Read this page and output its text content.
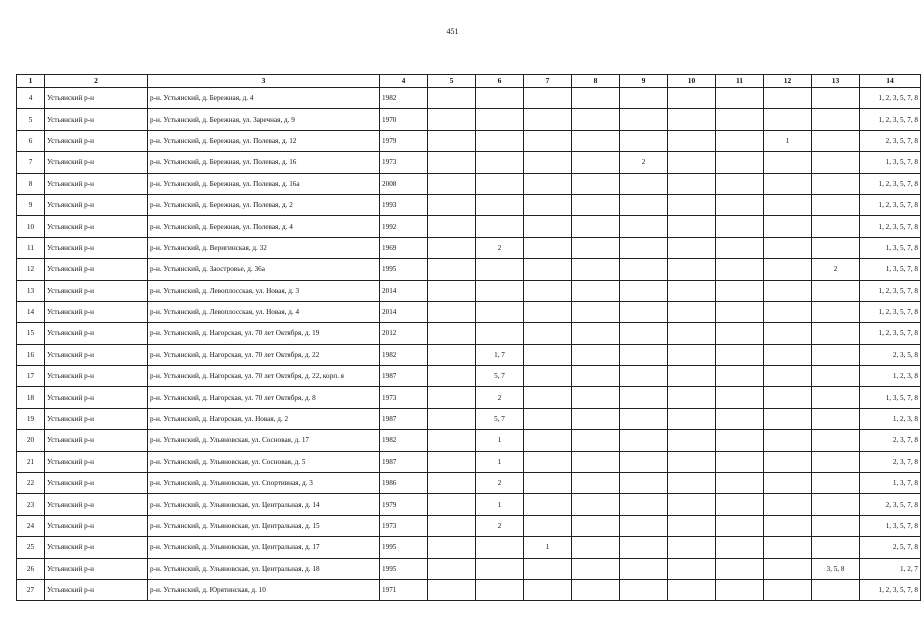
451
1	2	3	4	5	6	7	8	9	10	11	12	13	14
4	Устьянский р-н	р-н. Устьянский, д. Бережная, д. 4	1982										1, 2, 3, 5, 7, 8
5	Устьянский р-н	р-н. Устьянский, д. Бережная, ул. Заречная, д. 9	1970										1, 2, 3, 5, 7, 8
6	Устьянский р-н	р-н. Устьянский, д. Бережная, ул. Полевая, д. 12	1979								1		2, 3, 5, 7, 8
7	Устьянский р-н	р-н. Устьянский, д. Бережная, ул. Полевая, д. 16	1973					2					1, 3, 5, 7, 8
8	Устьянский р-н	р-н. Устьянский, д. Бережная, ул. Полевая, д. 16а	2008										1, 2, 3, 5, 7, 8
9	Устьянский р-н	р-н. Устьянский, д. Бережная, ул. Полевая, д. 2	1993										1, 2, 3, 5, 7, 8
10	Устьянский р-н	р-н. Устьянский, д. Бережная, ул. Полевая, д. 4	1992										1, 2, 3, 5, 7, 8
11	Устьянский р-н	р-н. Устьянский, д. Веригинская, д. 32	1969		2								1, 3, 5, 7, 8
12	Устьянский р-н	р-н. Устьянский, д. Заостровье, д. 36а	1995									2	1, 3, 5, 7, 8
13	Устьянский р-н	р-н. Устьянский, д. Левоплосская, ул. Новая, д. 3	2014										1, 2, 3, 5, 7, 8
14	Устьянский р-н	р-н. Устьянский, д. Левоплосская, ул. Новая, д. 4	2014										1, 2, 3, 5, 7, 8
15	Устьянский р-н	р-н. Устьянский, д. Нагорская, ул. 70 лет Октября, д. 19	2012										1, 2, 3, 5, 7, 8
16	Устьянский р-н	р-н. Устьянский, д. Нагорская, ул. 70 лет Октября, д. 22	1982		1, 7								2, 3, 5, 8
17	Устьянский р-н	р-н. Устьянский, д. Нагорская, ул. 70 лет Октября, д. 22, корп. я	1987		5, 7								1, 2, 3, 8
18	Устьянский р-н	р-н. Устьянский, д. Нагорская, ул. 70 лет Октября, д. 8	1973		2								1, 3, 5, 7, 8
19	Устьянский р-н	р-н. Устьянский, д. Нагорская, ул. Новая, д. 2	1987		5, 7								1, 2, 3, 8
20	Устьянский р-н	р-н. Устьянский, д. Ульяновская, ул. Сосновая, д. 17	1982		1								2, 3, 7, 8
21	Устьянский р-н	р-н. Устьянский, д. Ульяновская, ул. Сосновая, д. 5	1987		1								2, 3, 7, 8
22	Устьянский р-н	р-н. Устьянский, д. Ульяновская, ул. Спортивная, д. 3	1986		2								1, 3, 7, 8
23	Устьянский р-н	р-н. Устьянский, д. Ульяновская, ул. Центральная, д. 14	1979		1								2, 3, 5, 7, 8
24	Устьянский р-н	р-н. Устьянский, д. Ульяновская, ул. Центральная, д. 15	1973		2								1, 3, 5, 7, 8
25	Устьянский р-н	р-н. Устьянский, д. Ульяновская, ул. Центральная, д. 17	1995			1							2, 5, 7, 8
26	Устьянский р-н	р-н. Устьянский, д. Ульяновская, ул. Центральная, д. 18	1995									3, 5, 8	1, 2, 7
27	Устьянский р-н	р-н. Устьянский, д. Юрятинская, д. 10	1971										1, 2, 3, 5, 7, 8
